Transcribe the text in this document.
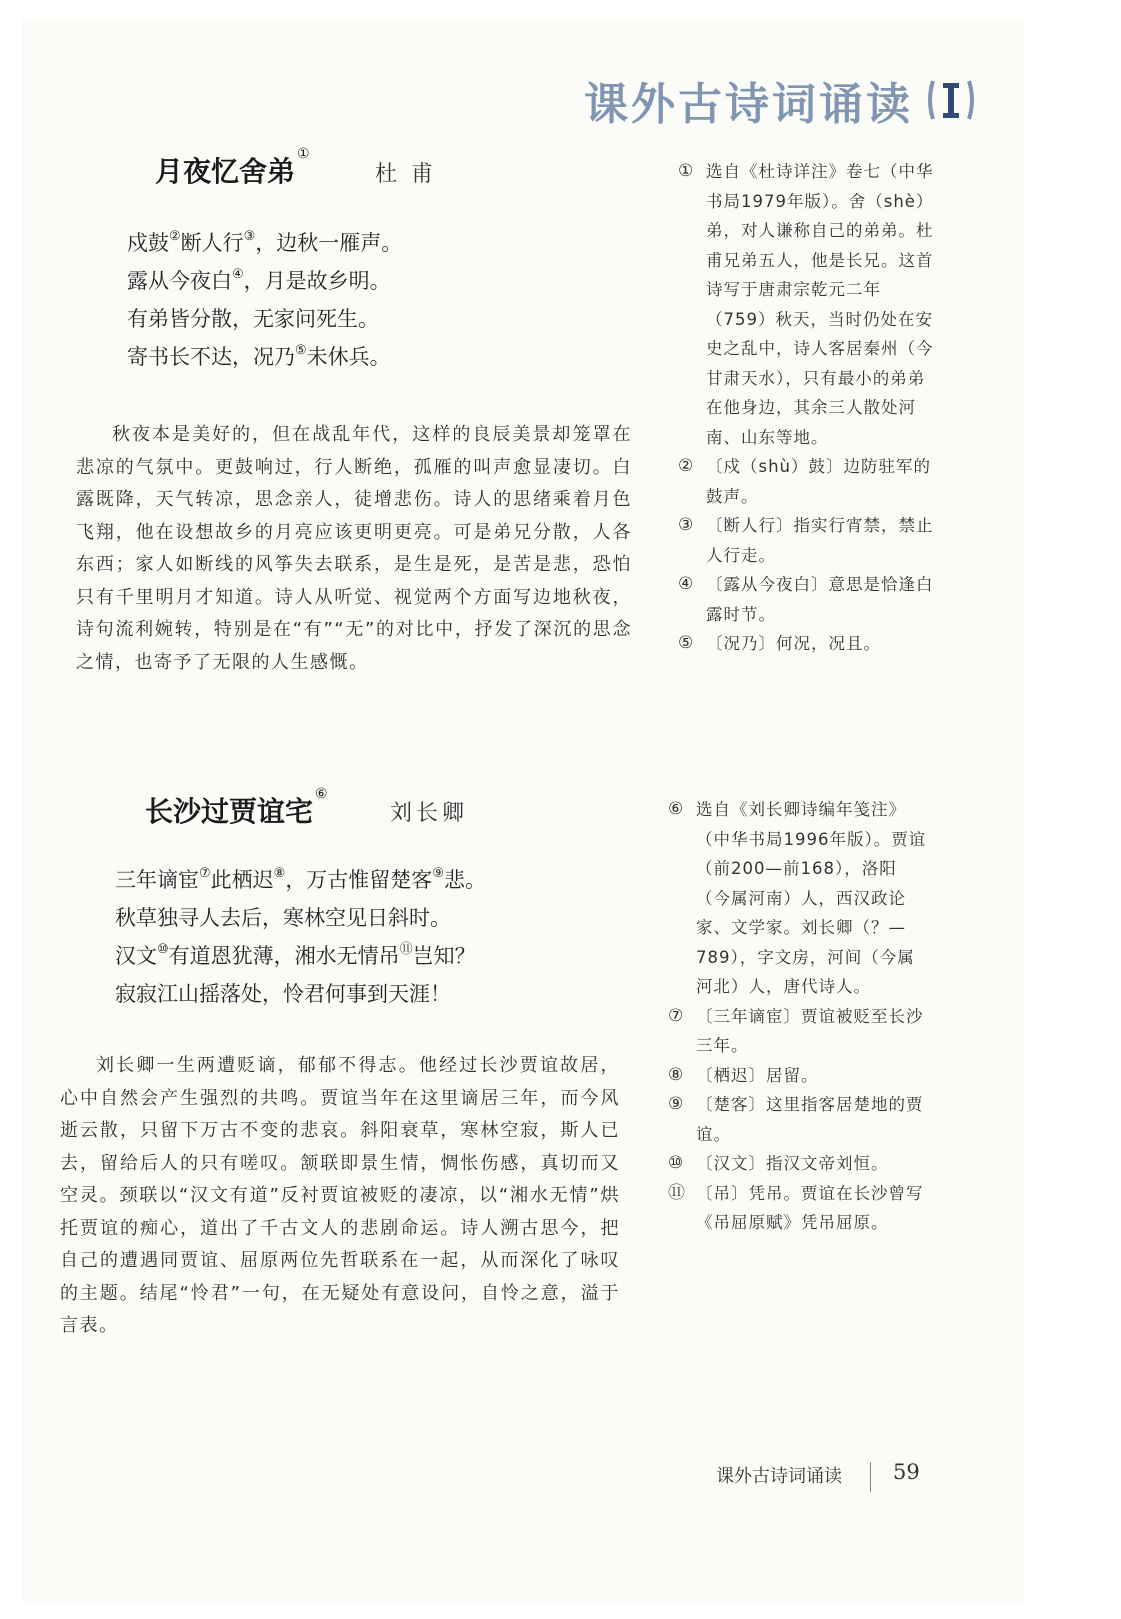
课外古诗词诵读
月夜忆舍弟①
杜甫
戍鼓②断人行③，边秋一雁声。
露从今夜白④，月是故乡明。
有弟皆分散，无家问死生。
寄书长不达，况乃⑤未休兵。

秋夜本是美好的，但在战乱年代，这样的良辰美景却笼罩在悲凉的气氛中。更鼓响过，行人断绝，孤雁的叫声愈显凄切。白露既降，天气转凉，思念亲人，徒增悲伤。诗人的思绪乘着月色飞翔，他在设想故乡的月亮应该更明更亮。可是弟兄分散，人各东西；家人如断线的风筝失去联系，是生是死，是苦是悲，恐怕只有千里明月才知道。诗人从听觉、视觉两个方面写边地秋夜，诗句流利婉转，特别是在“有”“无”的对比中，抒发了深沉的思念之情，也寄予了无限的人生感慨。

① 选自《杜诗详注》卷七（中华书局1979年版）。舍（shè）弟，对人谦称自己的弟弟。杜甫兄弟五人，他是长兄。这首诗写于唐肃宗乾元二年（759）秋天，当时仍处在安史之乱中，诗人客居秦州（今甘肃天水），只有最小的弟弟在他身边，其余三人散处河南、山东等地。
② 〔戍（shù）鼓〕边防驻军的鼓声。
③ 〔断人行〕指实行宵禁，禁止人行走。
④ 〔露从今夜白〕意思是恰逢白露时节。
⑤ 〔况乃〕何况，况且。
长沙过贾谊宅⑥
刘长卿
三年谪宦⑦此栖迟⑧，万古惟留楚客⑨悲。
秋草独寻人去后，寒林空见日斜时。
汉文⑩有道恩犹薄，湘水无情吊⑪岂知？
寂寂江山摇落处，怜君何事到天涯！

刘长卿一生两遭贬谪，郁郁不得志。他经过长沙贾谊故居，心中自然会产生强烈的共鸣。贾谊当年在这里谪居三年，而今风逝云散，只留下万古不变的悲哀。斜阳衰草，寒林空寂，斯人已去，留给后人的只有嗟叹。颔联即景生情，惆怅伤感，真切而又空灵。颈联以“汉文有道”反衬贾谊被贬的凄凉，以“湘水无情”烘托贾谊的痴心，道出了千古文人的悲剧命运。诗人溯古思今，把自己的遭遇同贾谊、屈原两位先哲联系在一起，从而深化了咏叹的主题。结尾“怜君”一句，在无疑处有意设问，自怜之意，溢于言表。

⑥ 选自《刘长卿诗编年笺注》（中华书局1996年版）。贾谊（前200—前168），洛阳（今属河南）人，西汉政论家、文学家。刘长卿（？—789），字文房，河间（今属河北）人，唐代诗人。
⑦ 〔三年谪宦〕贾谊被贬至长沙三年。
⑧ 〔栖迟〕居留。
⑨ 〔楚客〕这里指客居楚地的贾谊。
⑩ 〔汉文〕指汉文帝刘恒。
⑪ 〔吊〕凭吊。贾谊在长沙曾写《吊屈原赋》凭吊屈原。

课外古诗词诵读 59
